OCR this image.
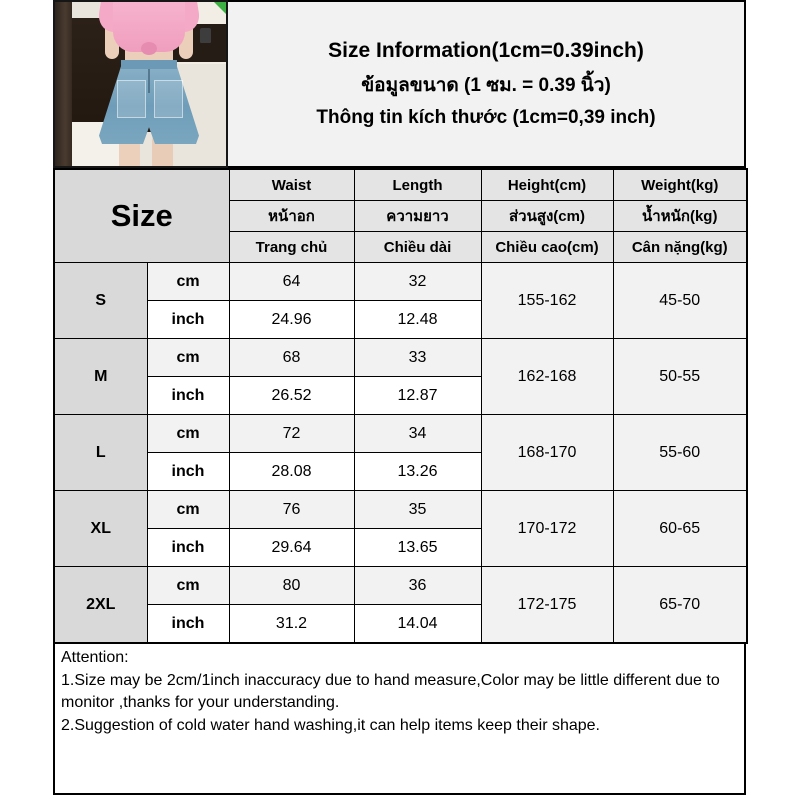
Size Information(1cm=0.39inch)
ข้อมูลขนาด (1 ซม. = 0.39 นิ้ว)
Thông tin kích thước (1cm=0,39 inch)
Size		Waist	Length	Height(cm)	Weight(kg)
		หน้าอก	ความยาว	ส่วนสูง(cm)	น้ำหนัก(kg)
		Trang chủ	Chiều dài	Chiều cao(cm)	Cân nặng(kg)
S	cm	64	32	155-162	45-50
	inch	24.96	12.48		
M	cm	68	33	162-168	50-55
	inch	26.52	12.87		
L	cm	72	34	168-170	55-60
	inch	28.08	13.26		
XL	cm	76	35	170-172	60-65
	inch	29.64	13.65		
2XL	cm	80	36	172-175	65-70
	inch	31.2	14.04		
Attention:
1.Size may be 2cm/1inch inaccuracy due to hand measure,Color may be little different due to monitor ,thanks for your understanding.
2.Suggestion of cold water hand washing,it can help items keep their shape.
